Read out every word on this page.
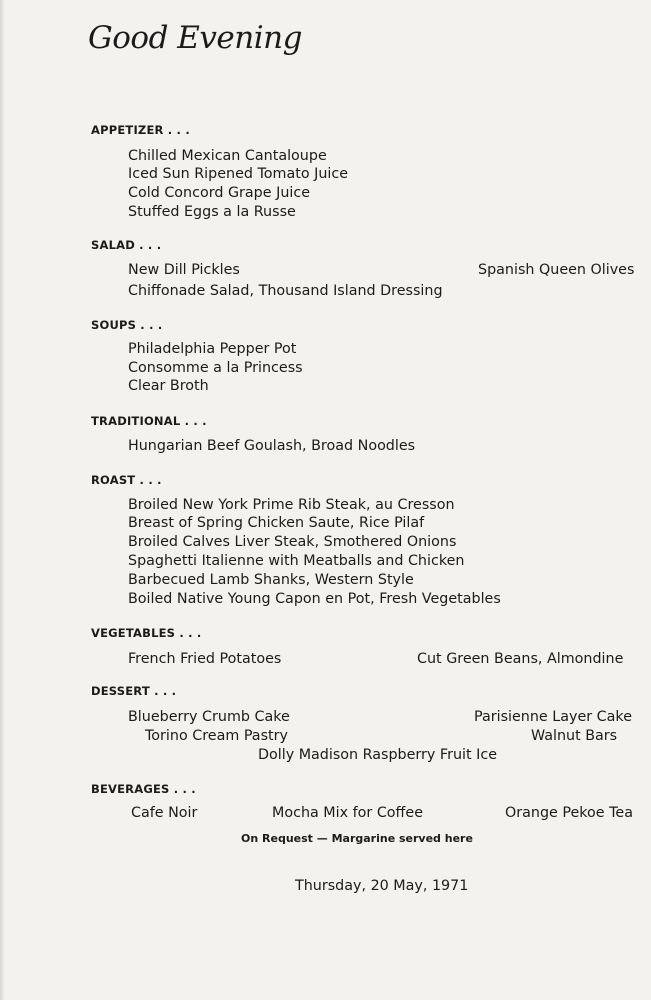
Good Evening
APPETIZER . . .
Chilled Mexican Cantaloupe
Iced Sun Ripened Tomato Juice
Cold Concord Grape Juice
Stuffed Eggs a la Russe
SALAD . . .
New Dill Pickles	Spanish Queen Olives
Chiffonade Salad, Thousand Island Dressing
SOUPS . . .
Philadelphia Pepper Pot
Consomme a la Princess
Clear Broth
TRADITIONAL . . .
Hungarian Beef Goulash, Broad Noodles
ROAST . . .
Broiled New York Prime Rib Steak, au Cresson
Breast of Spring Chicken Saute, Rice Pilaf
Broiled Calves Liver Steak, Smothered Onions
Spaghetti Italienne with Meatballs and Chicken
Barbecued Lamb Shanks, Western Style
Boiled Native Young Capon en Pot, Fresh Vegetables
VEGETABLES . . .
French Fried Potatoes	Cut Green Beans, Almondine
DESSERT . . .
Blueberry Crumb Cake	Parisienne Layer Cake
Torino Cream Pastry	Walnut Bars
Dolly Madison Raspberry Fruit Ice
BEVERAGES . . .
Cafe Noir	Mocha Mix for Coffee	Orange Pekoe Tea
On Request — Margarine served here
Thursday, 20 May, 1971
